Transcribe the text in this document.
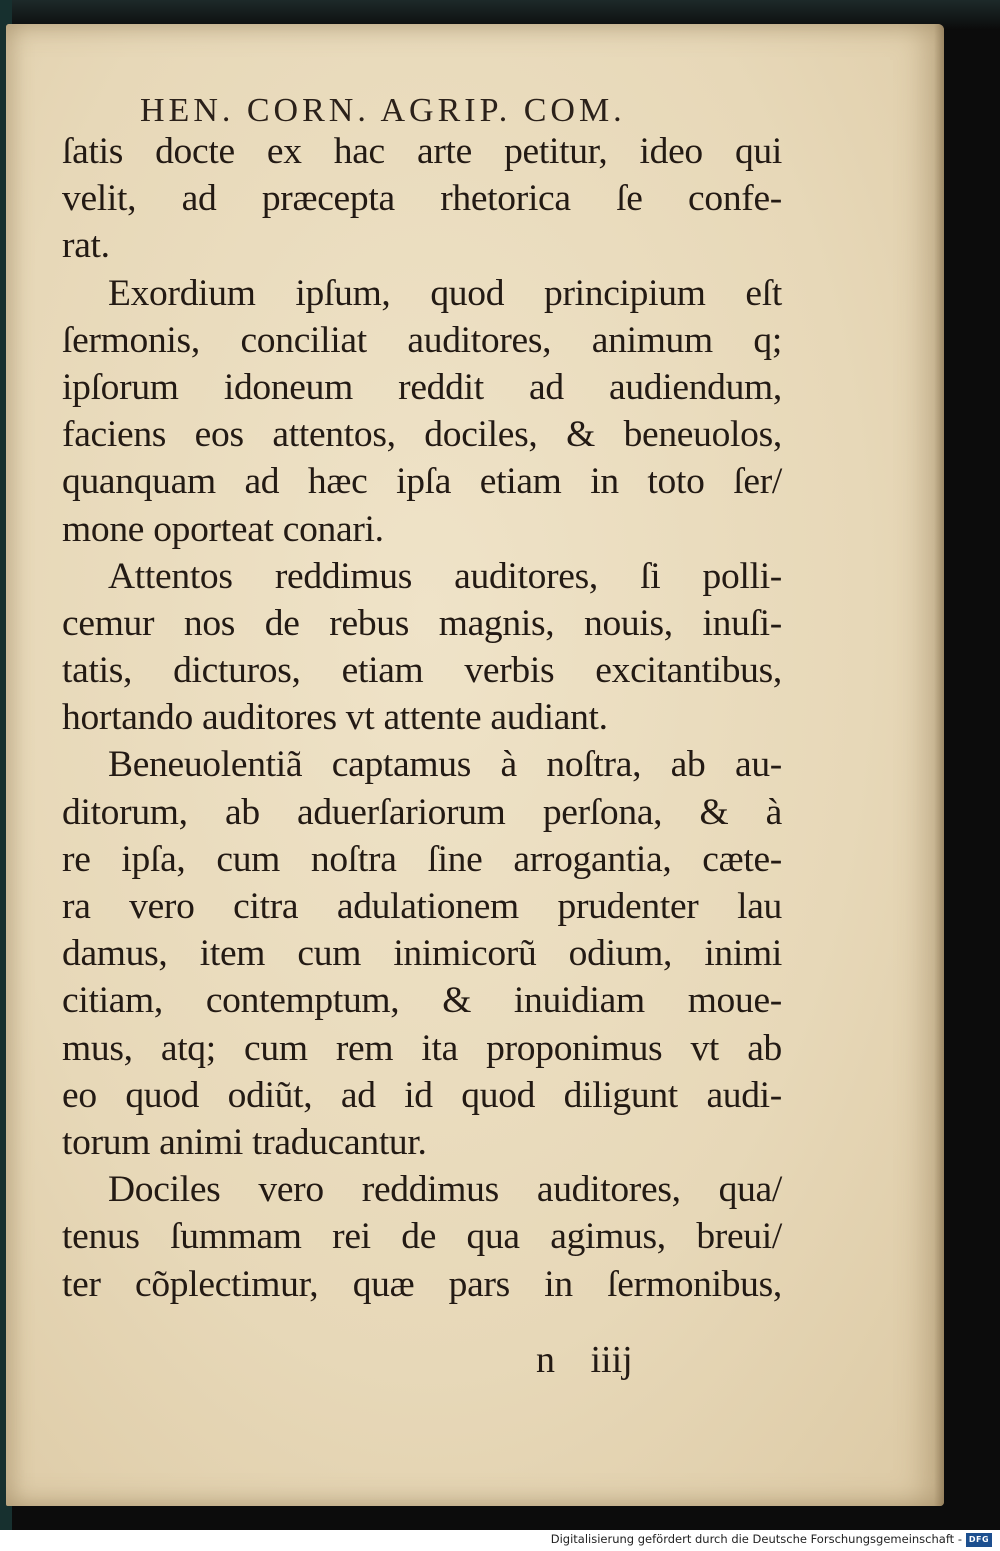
HEN. CORN. AGRIP. COM.
ſatis docte ex hac arte petitur, ideo qui
velit, ad præcepta rhetorica ſe confe-
rat.
Exordium ipſum, quod principium eſt
ſermonis, conciliat auditores, animum q;
ipſorum idoneum reddit ad audiendum,
faciens eos attentos, dociles, & beneuolos,
quanquam ad hæc ipſa etiam in toto ſer/
mone oporteat conari.
Attentos reddimus auditores, ſi polli-
cemur nos de rebus magnis, nouis, inuſi-
tatis, dicturos, etiam verbis excitantibus,
hortando auditores vt attente audiant.
Beneuolentiã captamus à noſtra, ab au-
ditorum, ab aduerſariorum perſona, & à
re ipſa, cum noſtra ſine arrogantia, cæte-
ra vero citra adulationem prudenter lau
damus, item cum inimicorũ odium, inimi
citiam, contemptum, & inuidiam moue-
mus, atq; cum rem ita proponimus vt ab
eo quod odiũt, ad id quod diligunt audi-
torum animi traducantur.
Dociles vero reddimus auditores, qua/
tenus ſummam rei de qua agimus, breui/
ter cõplectimur, quæ pars in ſermonibus,
n iiij
Digitalisierung gefördert durch die Deutsche Forschungsgemeinschaft - DFG
